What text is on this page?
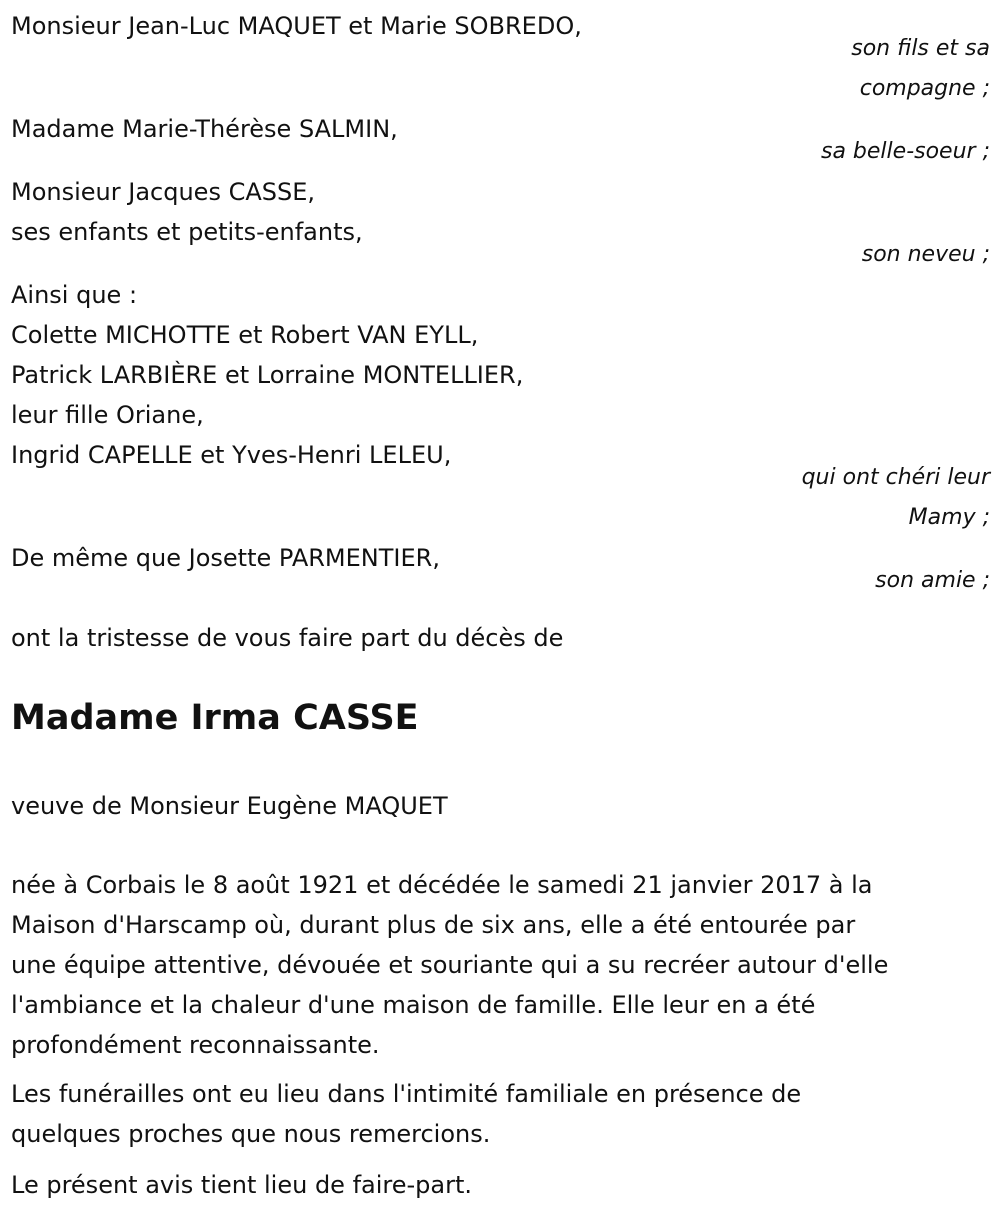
Monsieur Jean-Luc MAQUET et Marie SOBREDO,
son fils et sa
compagne ;
Madame Marie-Thérèse SALMIN,
sa belle-soeur ;
Monsieur Jacques CASSE,
ses enfants et petits-enfants,
son neveu ;
Ainsi que :
Colette MICHOTTE et Robert VAN EYLL,
Patrick LARBIÈRE et Lorraine MONTELLIER,
leur fille Oriane,
Ingrid CAPELLE et Yves-Henri LELEU,
qui ont chéri leur
Mamy ;
De même que Josette PARMENTIER,
son amie ;
ont la tristesse de vous faire part du décès de
Madame Irma CASSE
veuve de Monsieur Eugène MAQUET
née à Corbais le 8 août 1921 et décédée le samedi 21 janvier 2017 à la
Maison d'Harscamp où, durant plus de six ans, elle a été entourée par
une équipe attentive, dévouée et souriante qui a su recréer autour d'elle
l'ambiance et la chaleur d'une maison de famille. Elle leur en a été
profondément reconnaissante.
Les funérailles ont eu lieu dans l'intimité familiale en présence de
quelques proches que nous remercions.
Le présent avis tient lieu de faire-part.
